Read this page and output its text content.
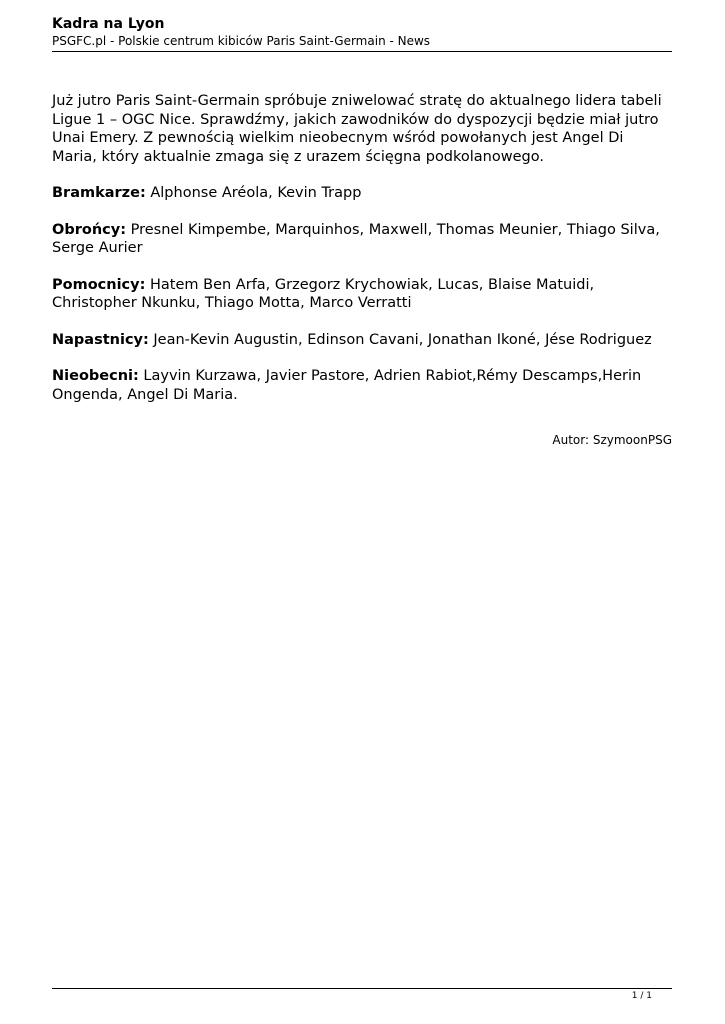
Kadra na Lyon
PSGFC.pl - Polskie centrum kibiców Paris Saint-Germain - News

Już jutro Paris Saint-Germain spróbuje zniwelować stratę do aktualnego lidera tabeli Ligue 1 – OGC Nice. Sprawdźmy, jakich zawodników do dyspozycji będzie miał jutro Unai Emery. Z pewnością wielkim nieobecnym wśród powołanych jest Angel Di Maria, który aktualnie zmaga się z urazem ścięgna podkolanowego.

Bramkarze: Alphonse Aréola, Kevin Trapp

Obrońcy: Presnel Kimpembe, Marquinhos, Maxwell, Thomas Meunier, Thiago Silva, Serge Aurier

Pomocnicy: Hatem Ben Arfa, Grzegorz Krychowiak, Lucas, Blaise Matuidi, Christopher Nkunku, Thiago Motta, Marco Verratti

Napastnicy: Jean-Kevin Augustin, Edinson Cavani, Jonathan Ikoné, Jése Rodriguez

Nieobecni: Layvin Kurzawa, Javier Pastore, Adrien Rabiot,Rémy Descamps,Herin Ongenda, Angel Di Maria.

Autor: SzymoonPSG
1 / 1
